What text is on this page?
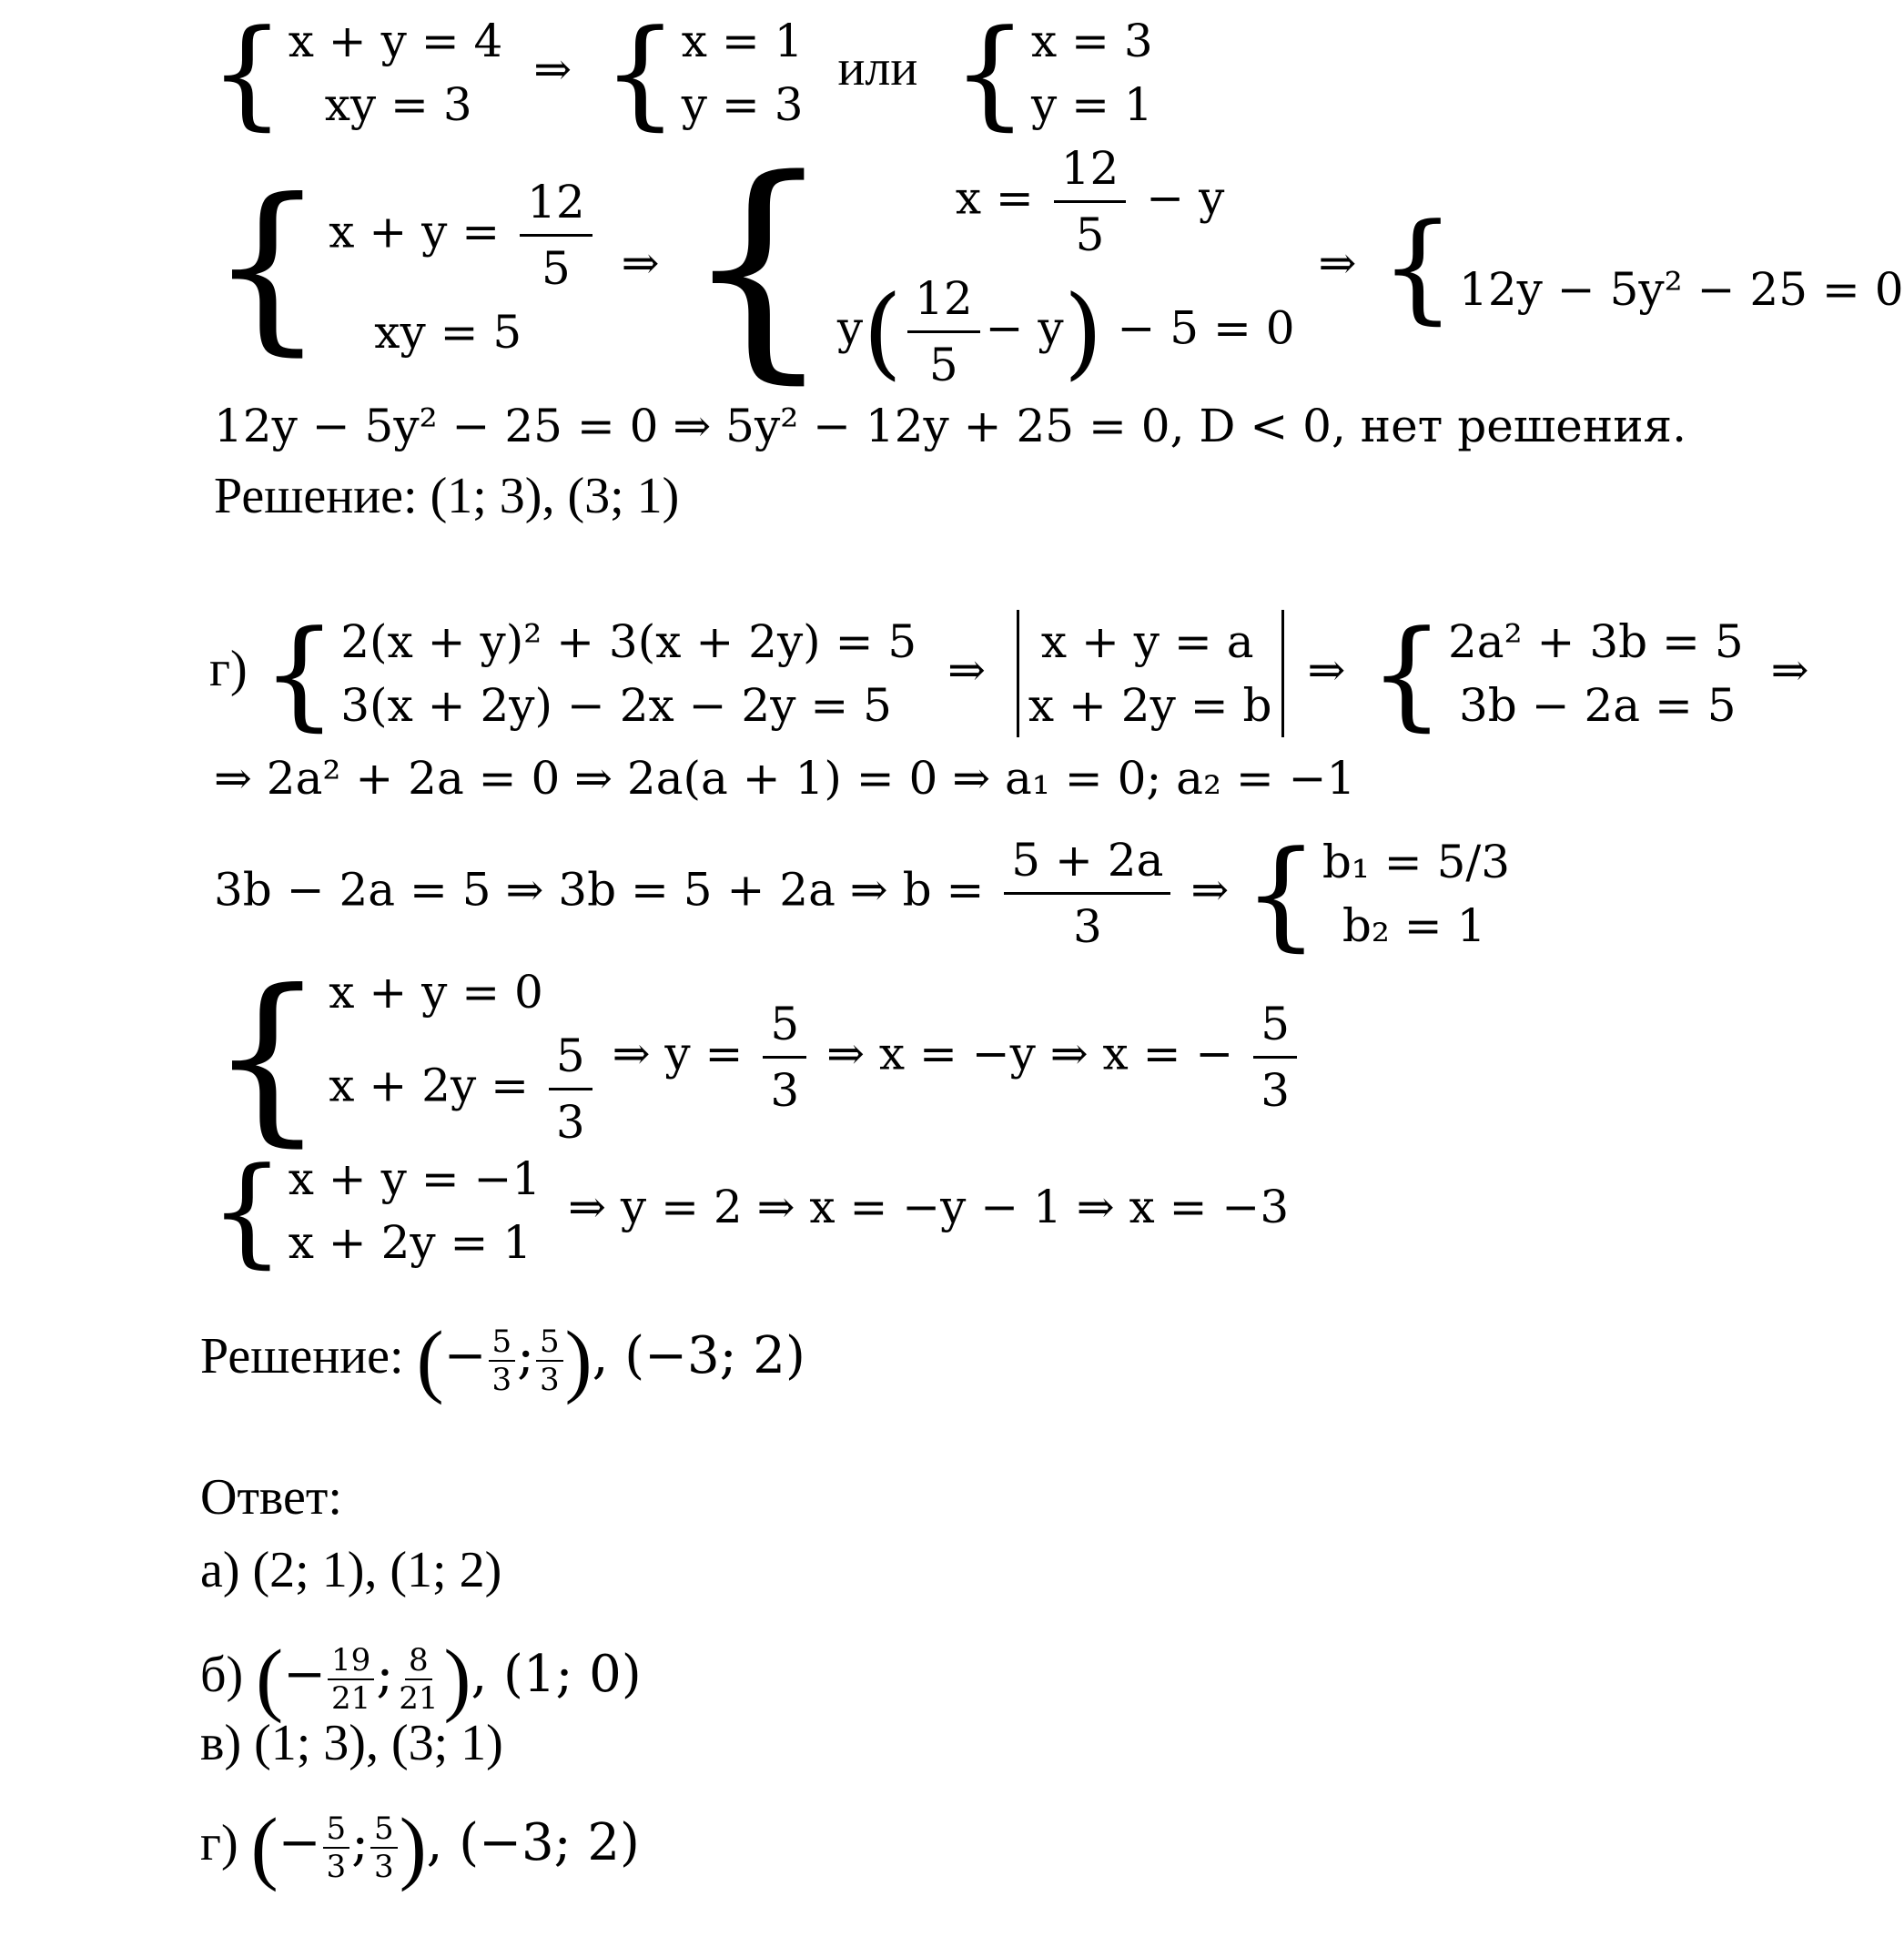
{ x + y = 4
xy = 3
⇒ { x = 1
y = 3
или { x = 3
y = 1
{ $x + y = \frac{12}{5}$
xy = 5
⇒ {	$x = \frac{12}{5} - y$
$y( \frac{12}{5} - y) - 5 = 0$
⇒ {
12y − 5y² − 25 = 0
12y − 5y² − 25 = 0 ⇒ 5y² − 12y + 25 = 0, D < 0, нет решения.
Решение: (1; 3), (3; 1)
г) { 2(x + y)² + 3(x + 2y) = 5
3(x + 2y) − 2x − 2y = 5
⇒
x + y = a
x + 2y = b
⇒ { 2a² + 3b = 5
3b − 2a = 5
⇒
⇒ 2a² + 2a = 0 ⇒ 2a(a + 1) = 0 ⇒ a₁ = 0; a₂ = −1
3b − 2a = 5 ⇒ 3b = 5 + 2a ⇒ $b = \frac{5 + 2a}{3}$ ⇒ { b₁ = 5/3
b₂ = 1
{ x + y = 0
$x + 2y = \frac{5}{3}$ ⇒ $y = \frac{5}{3}$ ⇒ x = −y ⇒ x = − $\frac{5}{3}$
{ x + y = −1
x + 2y = 1
⇒ y = 2 ⇒ x = −y − 1 ⇒ x = −3
Решение: (− $\frac{5}{3}$ ; $\frac{5}{3}$ ), (−3; 2)
Ответ:
а) (2; 1), (1; 2)
б) (− $\frac{19}{21}$ ; $\frac{8}{21}$ ), (1; 0)
в) (1; 3), (3; 1)
г) (− $\frac{5}{3}$ ; $\frac{5}{3}$ ), (−3; 2)
